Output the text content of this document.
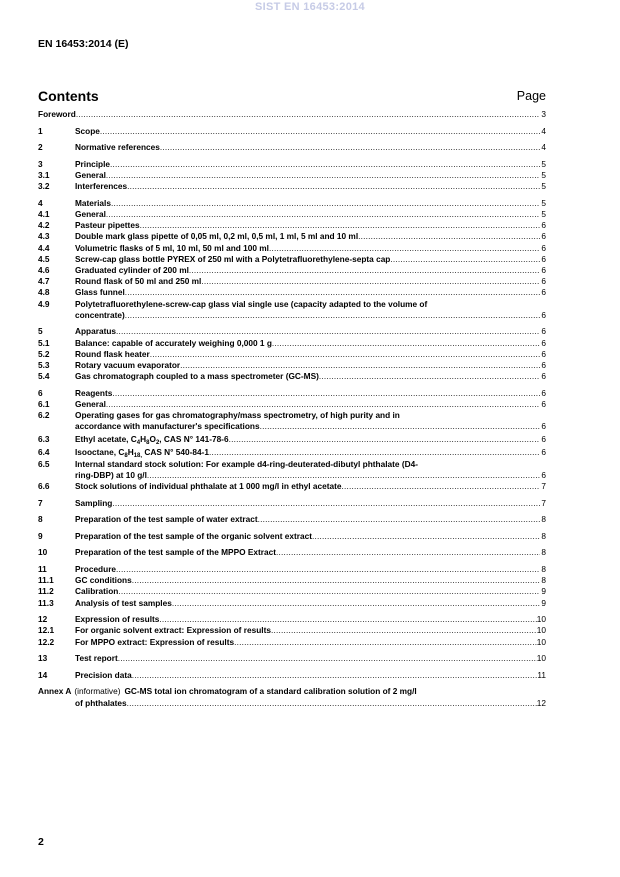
SIST EN 16453:2014
EN 16453:2014 (E)
Contents	Page
Foreword .....	3
1	Scope .....	4
2	Normative references .....	4
3	Principle .....	5
3.1	General .....	5
3.2	Interferences .....	5
4	Materials .....	5
4.1	General .....	5
4.2	Pasteur pipettes .....	6
4.3	Double mark glass pipette of 0,05 ml, 0,2 ml, 0,5 ml, 1 ml, 5 ml and 10 ml .....	6
4.4	Volumetric flasks of 5 ml, 10 ml, 50 ml and 100 ml .....	6
4.5	Screw-cap glass bottle PYREX of 250 ml with a Polytetrafluorethylene-septa cap .....	6
4.6	Graduated cylinder of 200 ml .....	6
4.7	Round flask of 50 ml and 250 ml .....	6
4.8	Glass funnel .....	6
4.9	Polytetrafluorethylene-screw-cap glass vial single use (capacity adapted to the volume of
concentrate) .....	6
5	Apparatus .....	6
5.1	Balance: capable of accurately weighing 0,000 1 g .....	6
5.2	Round flask heater .....	6
5.3	Rotary vacuum evaporator .....	6
5.4	Gas chromatograph coupled to a mass spectrometer (GC-MS) .....	6
6	Reagents .....	6
6.1	General .....	6
6.2	Operating gases for gas chromatography/mass spectrometry, of high purity and in
accordance with manufacturer's specifications .....	6
6.3	Ethyl acetate, $C_4H_8O_2$, CAS N° 141-78-6 .....	6
6.4	Isooctane, $C_8H_{18,}$ CAS N° 540-84-1 .....	6
6.5	Internal standard stock solution: For example d4-ring-deuterated-dibutyl phthalate (D4-
ring-DBP) at 10 g/l .....	6
6.6	Stock solutions of individual phthalate at 1 000 mg/l in ethyl acetate .....	7
7	Sampling .....	7
8	Preparation of the test sample of water extract .....	8
9	Preparation of the test sample of the organic solvent extract .....	8
10	Preparation of the test sample of the MPPO Extract .....	8
11	Procedure .....	8
11.1	GC conditions .....	8
11.2	Calibration .....	9
11.3	Analysis of test samples .....	9
12	Expression of results .....	10
12.1	For organic solvent extract: Expression of results .....	10
12.2	For MPPO extract: Expression of results .....	10
13	Test report .....	10
14	Precision data .....	11
Annex A (informative) GC-MS total ion chromatogram of a standard calibration solution of 2 mg/l
of phthalates .....	12
2
